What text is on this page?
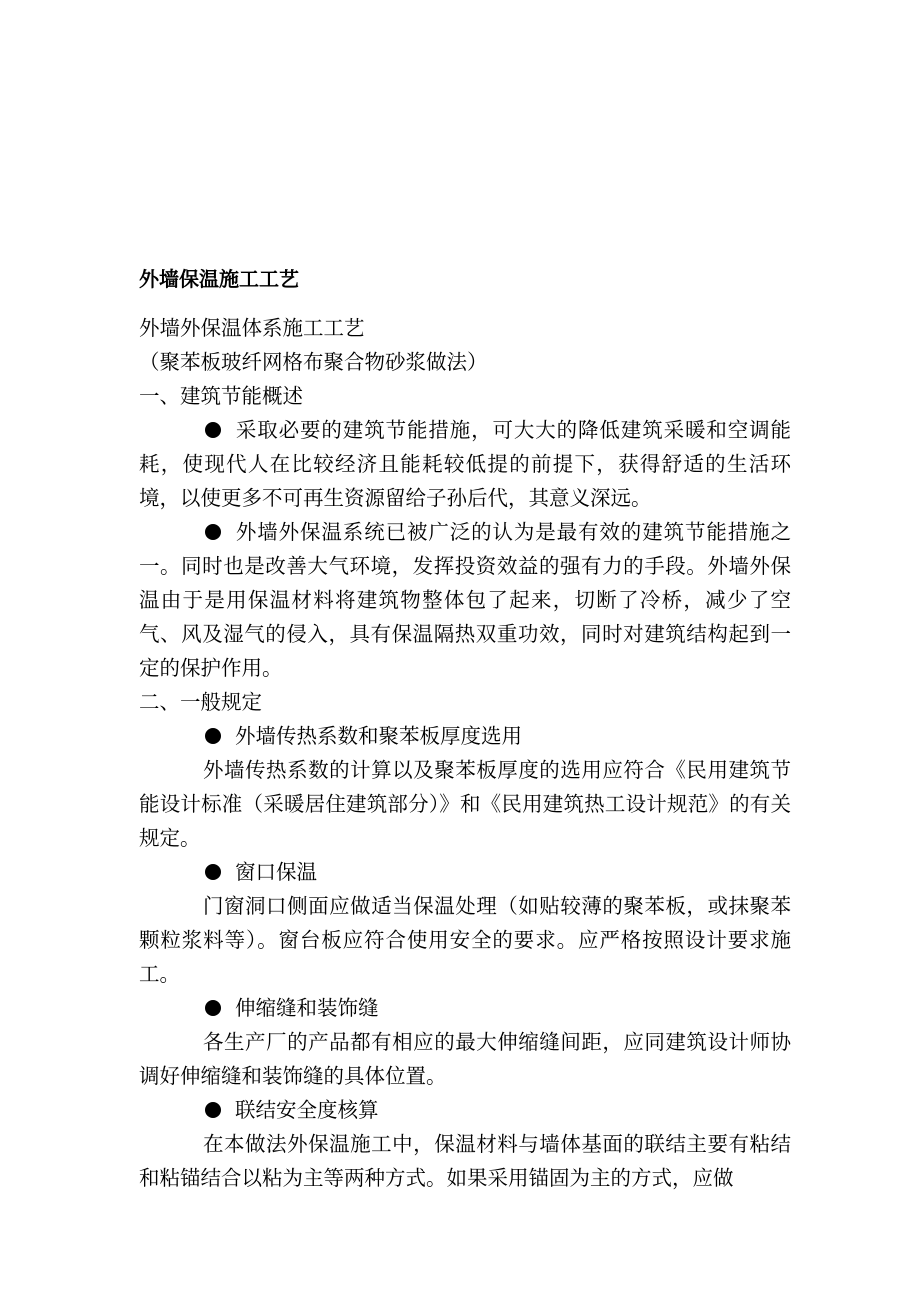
外墙保温施工工艺

外墙外保温体系施工工艺

（聚苯板玻纤网格布聚合物砂浆做法）

一、建筑节能概述

采取必要的建筑节能措施，可大大的降低建筑采暖和空调能耗，使现代人在比较经济且能耗较低提的前提下，获得舒适的生活环境，以使更多不可再生资源留给子孙后代，其意义深远。

外墙外保温系统已被广泛的认为是最有效的建筑节能措施之一。同时也是改善大气环境，发挥投资效益的强有力的手段。外墙外保温由于是用保温材料将建筑物整体包了起来，切断了冷桥，减少了空气、风及湿气的侵入，具有保温隔热双重功效，同时对建筑结构起到一定的保护作用。

二、一般规定

外墙传热系数和聚苯板厚度选用

外墙传热系数的计算以及聚苯板厚度的选用应符合《民用建筑节能设计标准（采暖居住建筑部分）》和《民用建筑热工设计规范》的有关规定。

窗口保温

门窗洞口侧面应做适当保温处理（如贴较薄的聚苯板，或抹聚苯颗粒浆料等）。窗台板应符合使用安全的要求。应严格按照设计要求施工。

伸缩缝和装饰缝

各生产厂的产品都有相应的最大伸缩缝间距，应同建筑设计师协调好伸缩缝和装饰缝的具体位置。

联结安全度核算

在本做法外保温施工中，保温材料与墙体基面的联结主要有粘结和粘锚结合以粘为主等两种方式。如果采用锚固为主的方式，应做
